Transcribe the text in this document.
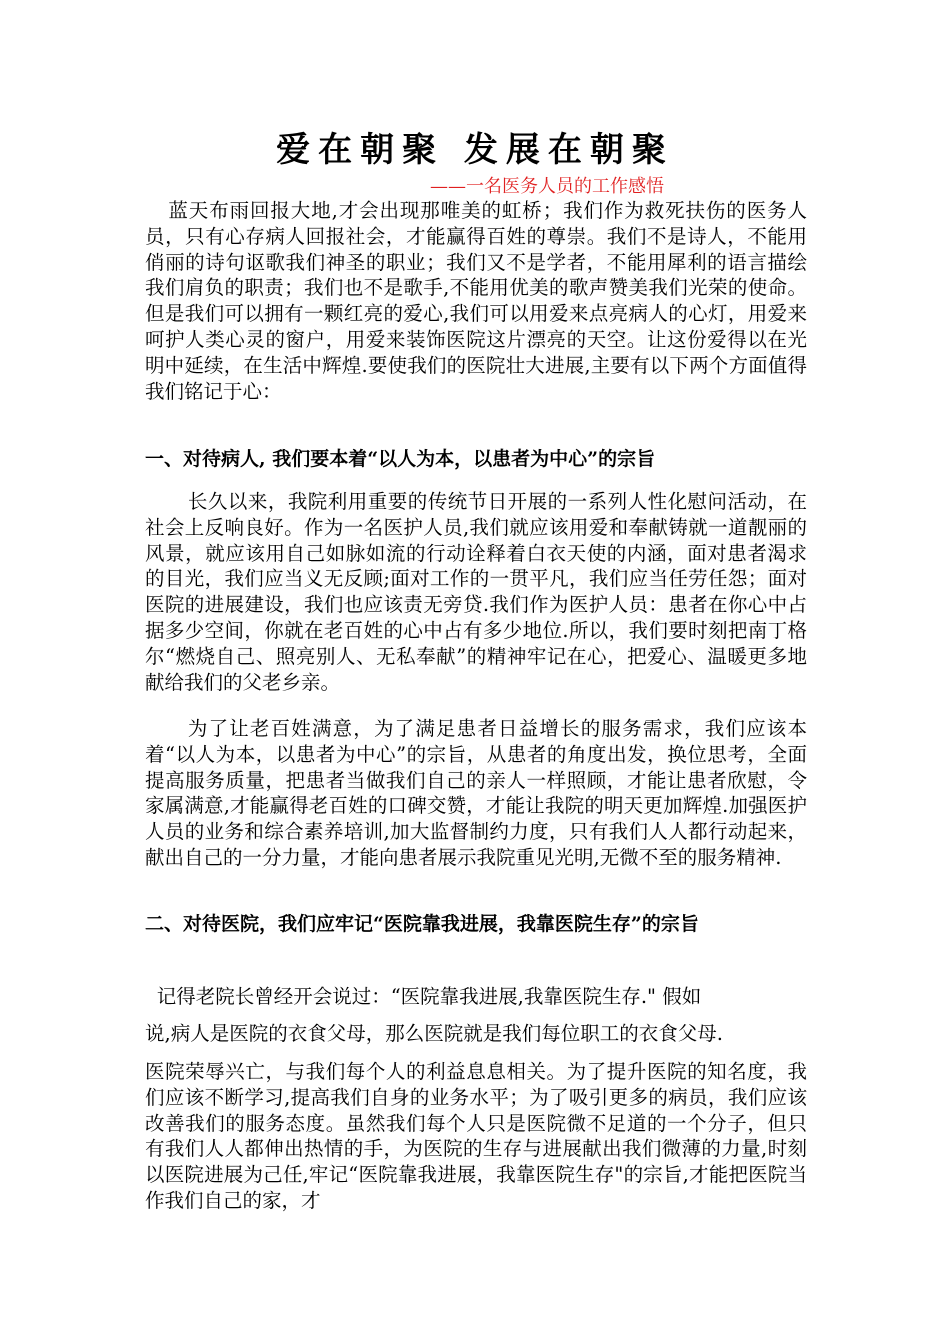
爱在朝聚 发展在朝聚
——一名医务人员的工作感悟

蓝天布雨回报大地,才会出现那唯美的虹桥；我们作为救死扶伤的医务人员，只有心存病人回报社会，才能赢得百姓的尊崇。我们不是诗人，不能用俏丽的诗句讴歌我们神圣的职业；我们又不是学者，不能用犀利的语言描绘我们肩负的职责；我们也不是歌手,不能用优美的歌声赞美我们光荣的使命。但是我们可以拥有一颗红亮的爱心,我们可以用爱来点亮病人的心灯，用爱来呵护人类心灵的窗户，用爱来装饰医院这片漂亮的天空。让这份爱得以在光明中延续，在生活中辉煌.要使我们的医院壮大进展,主要有以下两个方面值得我们铭记于心：

一、对待病人, 我们要本着“以人为本，以患者为中心”的宗旨

长久以来，我院利用重要的传统节日开展的一系列人性化慰问活动，在社会上反响良好。作为一名医护人员,我们就应该用爱和奉献铸就一道靓丽的风景，就应该用自己如脉如流的行动诠释着白衣天使的内涵，面对患者渴求的目光，我们应当义无反顾;面对工作的一贯平凡，我们应当任劳任怨；面对医院的进展建设，我们也应该责无旁贷.我们作为医护人员：患者在你心中占据多少空间，你就在老百姓的心中占有多少地位.所以，我们要时刻把南丁格尔“燃烧自己、照亮别人、无私奉献”的精神牢记在心，把爱心、温暖更多地献给我们的父老乡亲。

为了让老百姓满意，为了满足患者日益增长的服务需求，我们应该本着“以人为本，以患者为中心”的宗旨，从患者的角度出发，换位思考，全面提高服务质量，把患者当做我们自己的亲人一样照顾，才能让患者欣慰，令家属满意,才能赢得老百姓的口碑交赞，才能让我院的明天更加辉煌.加强医护人员的业务和综合素养培训,加大监督制约力度，只有我们人人都行动起来，献出自己的一分力量，才能向患者展示我院重见光明,无微不至的服务精神.

二、对待医院，我们应牢记“医院靠我进展，我靠医院生存”的宗旨

记得老院长曾经开会说过：“医院靠我进展,我靠医院生存." 假如

说,病人是医院的衣食父母，那么医院就是我们每位职工的衣食父母.

医院荣辱兴亡，与我们每个人的利益息息相关。为了提升医院的知名度，我们应该不断学习,提高我们自身的业务水平；为了吸引更多的病员，我们应该改善我们的服务态度。虽然我们每个人只是医院微不足道的一个分子，但只有我们人人都伸出热情的手，为医院的生存与进展献出我们微薄的力量,时刻以医院进展为己任,牢记“医院靠我进展，我靠医院生存"的宗旨,才能把医院当作我们自己的家，才
